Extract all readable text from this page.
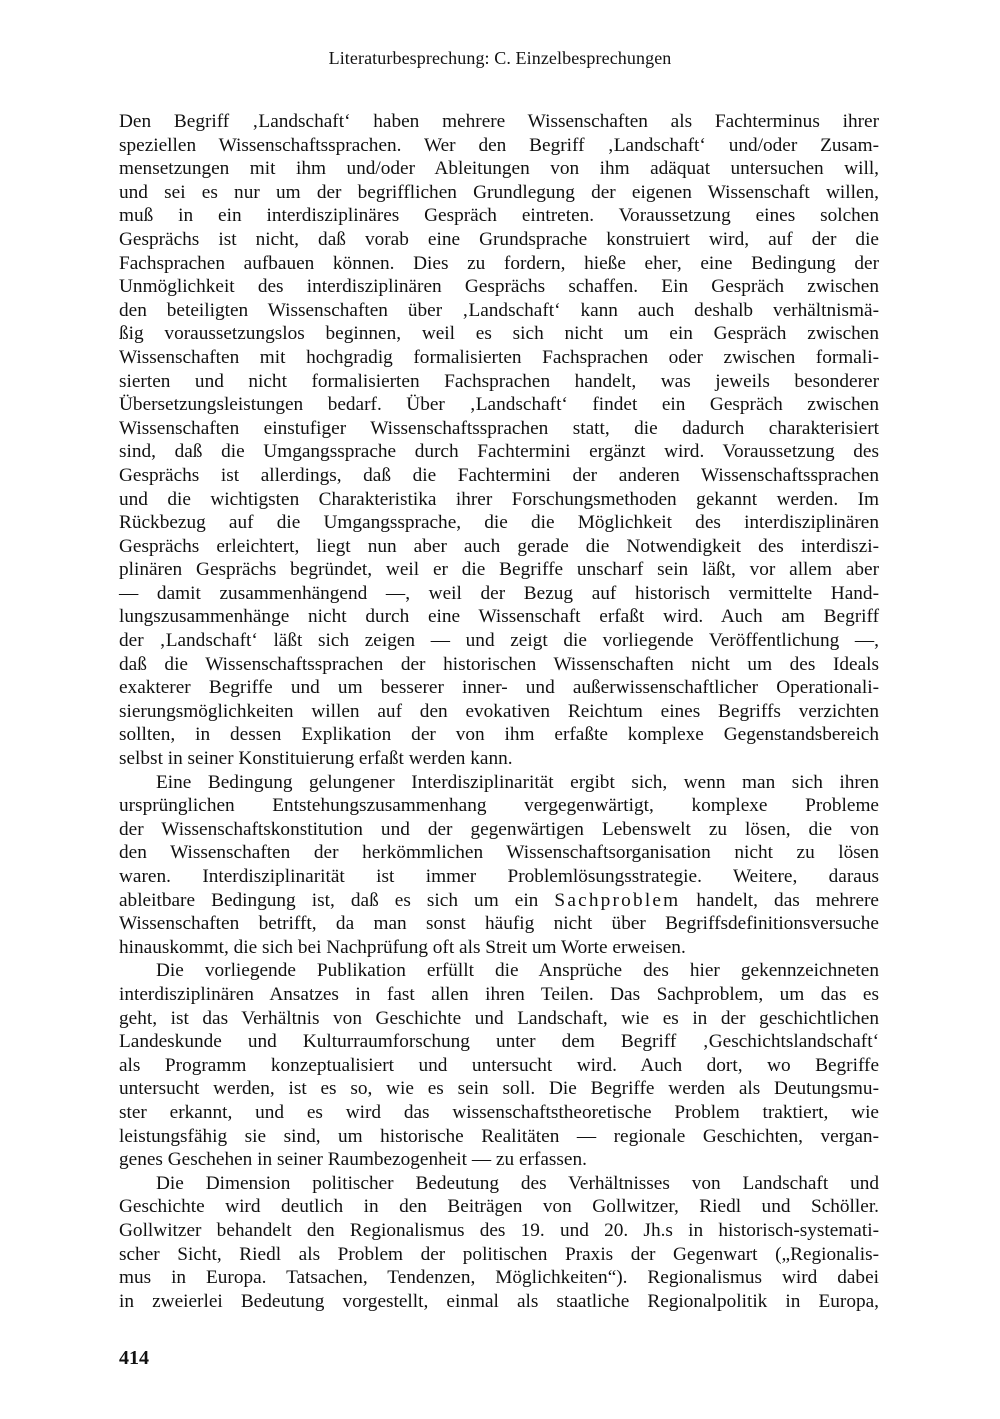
Literaturbesprechung: C. Einzelbesprechungen
Den Begriff ‚Landschaft‘ haben mehrere Wissenschaften als Fachterminus ihrer
speziellen Wissenschaftssprachen. Wer den Begriff ‚Landschaft‘ und/oder Zusam-
mensetzungen mit ihm und/oder Ableitungen von ihm adäquat untersuchen will,
und sei es nur um der begrifflichen Grundlegung der eigenen Wissenschaft willen,
muß in ein interdisziplinäres Gespräch eintreten. Voraussetzung eines solchen
Gesprächs ist nicht, daß vorab eine Grundsprache konstruiert wird, auf der die
Fachsprachen aufbauen können. Dies zu fordern, hieße eher, eine Bedingung der
Unmöglichkeit des interdisziplinären Gesprächs schaffen. Ein Gespräch zwischen
den beteiligten Wissenschaften über ‚Landschaft‘ kann auch deshalb verhältnismä-
ßig voraussetzungslos beginnen, weil es sich nicht um ein Gespräch zwischen
Wissenschaften mit hochgradig formalisierten Fachsprachen oder zwischen formali-
sierten und nicht formalisierten Fachsprachen handelt, was jeweils besonderer
Übersetzungsleistungen bedarf. Über ‚Landschaft‘ findet ein Gespräch zwischen
Wissenschaften einstufiger Wissenschaftssprachen statt, die dadurch charakterisiert
sind, daß die Umgangssprache durch Fachtermini ergänzt wird. Voraussetzung des
Gesprächs ist allerdings, daß die Fachtermini der anderen Wissenschaftssprachen
und die wichtigsten Charakteristika ihrer Forschungsmethoden gekannt werden. Im
Rückbezug auf die Umgangssprache, die die Möglichkeit des interdisziplinären
Gesprächs erleichtert, liegt nun aber auch gerade die Notwendigkeit des interdiszi-
plinären Gesprächs begründet, weil er die Begriffe unscharf sein läßt, vor allem aber
— damit zusammenhängend —, weil der Bezug auf historisch vermittelte Hand-
lungszusammenhänge nicht durch eine Wissenschaft erfaßt wird. Auch am Begriff
der ‚Landschaft‘ läßt sich zeigen — und zeigt die vorliegende Veröffentlichung —,
daß die Wissenschaftssprachen der historischen Wissenschaften nicht um des Ideals
exakterer Begriffe und um besserer inner- und außerwissenschaftlicher Operationali-
sierungsmöglichkeiten willen auf den evokativen Reichtum eines Begriffs verzichten
sollten, in dessen Explikation der von ihm erfaßte komplexe Gegenstandsbereich
selbst in seiner Konstituierung erfaßt werden kann.
Eine Bedingung gelungener Interdisziplinarität ergibt sich, wenn man sich ihren
ursprünglichen Entstehungszusammenhang vergegenwärtigt, komplexe Probleme
der Wissenschaftskonstitution und der gegenwärtigen Lebenswelt zu lösen, die von
den Wissenschaften der herkömmlichen Wissenschaftsorganisation nicht zu lösen
waren. Interdisziplinarität ist immer Problemlösungsstrategie. Weitere, daraus
ableitbare Bedingung ist, daß es sich um ein Sachproblem handelt, das mehrere
Wissenschaften betrifft, da man sonst häufig nicht über Begriffsdefinitionsversuche
hinauskommt, die sich bei Nachprüfung oft als Streit um Worte erweisen.
Die vorliegende Publikation erfüllt die Ansprüche des hier gekennzeichneten
interdisziplinären Ansatzes in fast allen ihren Teilen. Das Sachproblem, um das es
geht, ist das Verhältnis von Geschichte und Landschaft, wie es in der geschichtlichen
Landeskunde und Kulturraumforschung unter dem Begriff ‚Geschichtslandschaft‘
als Programm konzeptualisiert und untersucht wird. Auch dort, wo Begriffe
untersucht werden, ist es so, wie es sein soll. Die Begriffe werden als Deutungsmu-
ster erkannt, und es wird das wissenschaftstheoretische Problem traktiert, wie
leistungsfähig sie sind, um historische Realitäten — regionale Geschichten, vergan-
genes Geschehen in seiner Raumbezogenheit — zu erfassen.
Die Dimension politischer Bedeutung des Verhältnisses von Landschaft und
Geschichte wird deutlich in den Beiträgen von Gollwitzer, Riedl und Schöller.
Gollwitzer behandelt den Regionalismus des 19. und 20. Jh.s in historisch-systemati-
scher Sicht, Riedl als Problem der politischen Praxis der Gegenwart („Regionalis-
mus in Europa. Tatsachen, Tendenzen, Möglichkeiten“). Regionalismus wird dabei
in zweierlei Bedeutung vorgestellt, einmal als staatliche Regionalpolitik in Europa,
414
